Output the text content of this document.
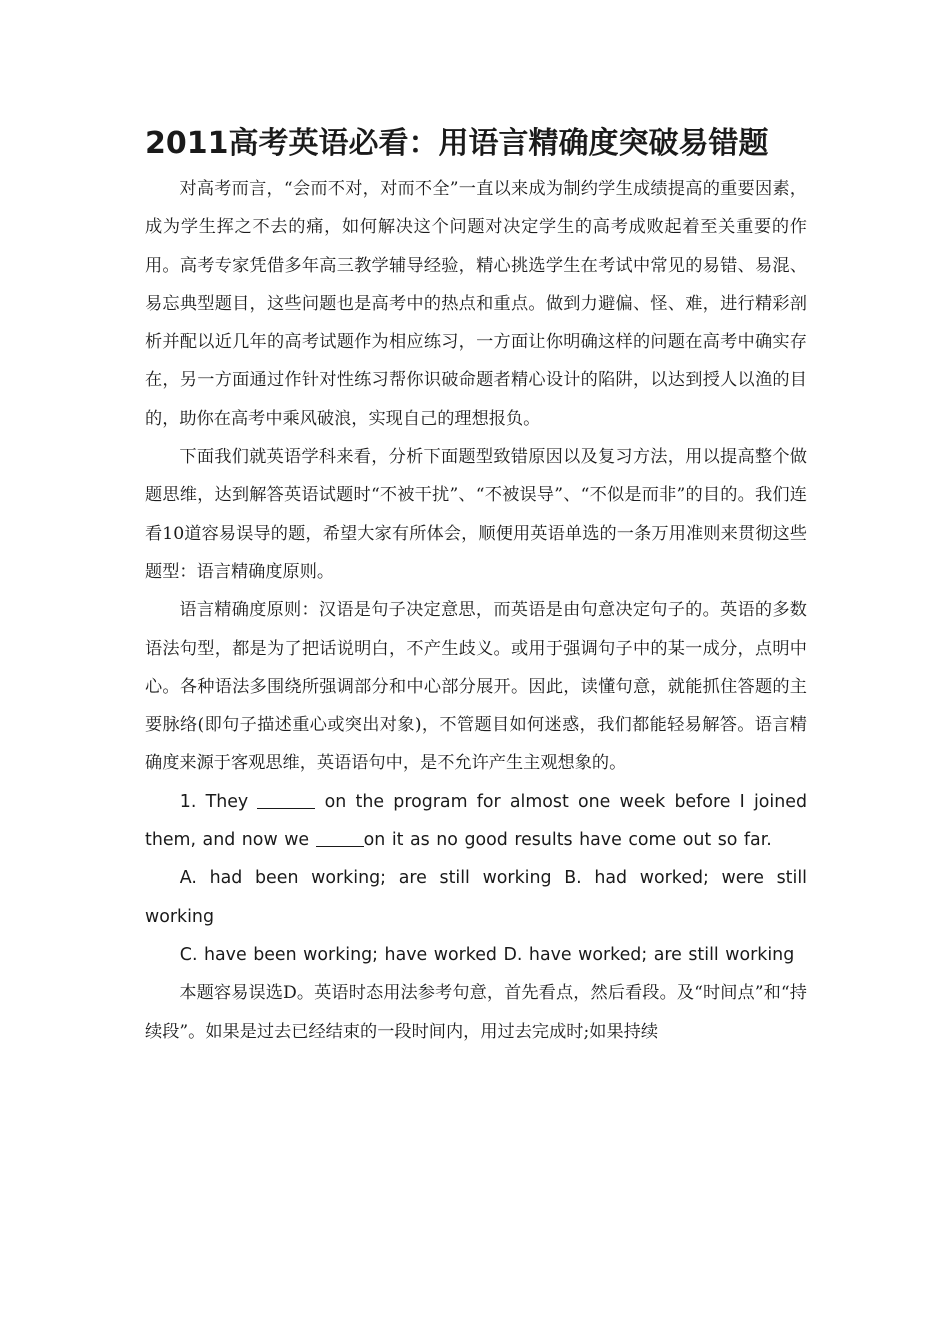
2011高考英语必看：用语言精确度突破易错题

对高考而言，“会而不对，对而不全”一直以来成为制约学生成绩提高的重要因素，成为学生挥之不去的痛，如何解决这个问题对决定学生的高考成败起着至关重要的作用。高考专家凭借多年高三教学辅导经验，精心挑选学生在考试中常见的易错、易混、易忘典型题目，这些问题也是高考中的热点和重点。做到力避偏、怪、难，进行精彩剖析并配以近几年的高考试题作为相应练习，一方面让你明确这样的问题在高考中确实存在，另一方面通过作针对性练习帮你识破命题者精心设计的陷阱，以达到授人以渔的目的，助你在高考中乘风破浪，实现自己的理想报负。

下面我们就英语学科来看，分析下面题型致错原因以及复习方法，用以提高整个做题思维，达到解答英语试题时“不被干扰”、“不被误导”、“不似是而非”的目的。我们连看10道容易误导的题，希望大家有所体会，顺便用英语单选的一条万用准则来贯彻这些题型：语言精确度原则。

语言精确度原则：汉语是句子决定意思，而英语是由句意决定句子的。英语的多数语法句型，都是为了把话说明白，不产生歧义。或用于强调句子中的某一成分，点明中心。各种语法多围绕所强调部分和中心部分展开。因此，读懂句意，就能抓住答题的主要脉络(即句子描述重心或突出对象)，不管题目如何迷惑，我们都能轻易解答。语言精确度来源于客观思维，英语语句中，是不允许产生主观想象的。

1. They	on the program for almost one week before I joined them, and now we	on it as no good results have come out so far.

A. had been working; are still working B. had worked; were still working

C. have been working; have worked D. have worked; are still working

本题容易误选D。英语时态用法参考句意，首先看点，然后看段。及“时间点”和“持续段”。如果是过去已经结束的一段时间内，用过去完成时;如果持续
